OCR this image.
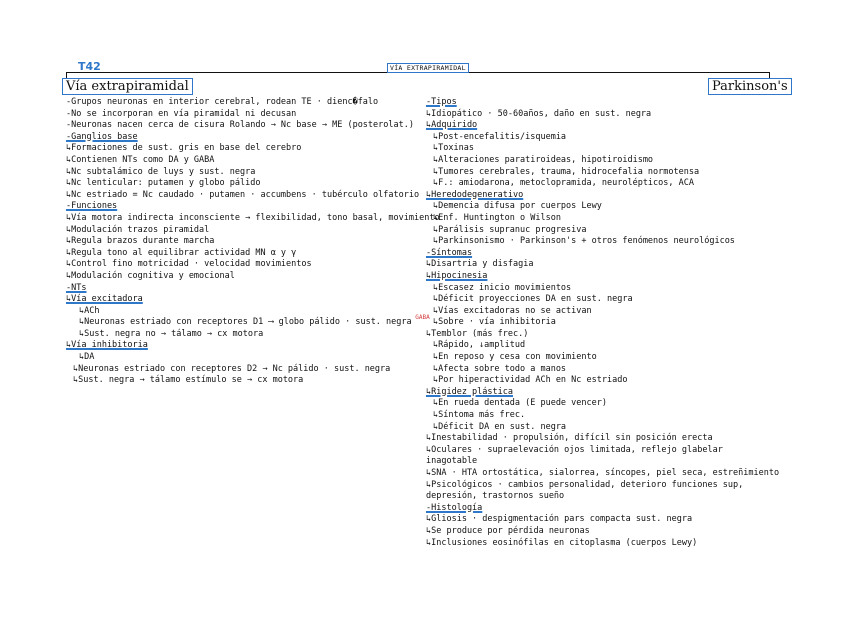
T42	VÍA EXTRAPIRAMIDAL
Vía extrapiramidal	Parkinson's
-Grupos neuronas en interior cerebral, rodean TE · dienc�falo
-No se incorporan en vía piramidal ni decusan
-Neuronas nacen cerca de cisura Rolando → Nc base → ME (posterolat.)
-Ganglios base
↳Formaciones de sust. gris en base del cerebro
↳Contienen NTs como DA y GABA
↳Nc subtalámico de luys y sust. negra
↳Nc lenticular: putamen y globo pálido
↳Nc estriado = Nc caudado · putamen · accumbens · tubérculo olfatorio
-Funciones
↳Vía motora indirecta inconsciente → flexibilidad, tono basal, movimiento
↳Modulación trazos piramidal
↳Regula brazos durante marcha
↳Regula tono al equilibrar actividad MN α y γ
↳Control fino motricidad · velocidad movimientos
↳Modulación cognitiva y emocional
-NTs
↳Vía excitadora
↳ACh
↳Neuronas estriado con receptores D1 ⟶ globo pálido · sust. negra $^{GABA}$
↳Sust. negra no → tálamo → cx motora
↳Vía inhibitoria
↳DA
↳Neuronas estriado con receptores D2 → Nc pálido · sust. negra
↳Sust. negra → tálamo estímulo se → cx motora
-Tipos
↳Idiopático · 50-60años, daño en sust. negra
↳Adquirido
↳Post-encefalitis/isquemia
↳Toxinas
↳Alteraciones paratiroideas, hipotiroidismo
↳Tumores cerebrales, trauma, hidrocefalia normotensa
↳F.: amiodarona, metoclopramida, neurolépticos, ACA
↳Heredodegenerativo
↳Demencia difusa por cuerpos Lewy
↳Enf. Huntington o Wilson
↳Parálisis supranuc progresiva
↳Parkinsonismo · Parkinson's + otros fenómenos neurológicos
-Síntomas
↳Disartria y disfagia
↳Hipocinesia
↳Escasez inicio movimientos
↳Déficit proyecciones DA en sust. negra
↳Vías excitadoras no se activan
↳Sobre · vía inhibitoria
↳Temblor (más frec.)
↳Rápido, ↓amplitud
↳En reposo y cesa con movimiento
↳Afecta sobre todo a manos
↳Por hiperactividad ACh en Nc estriado
↳Rigidez plástica
↳En rueda dentada (E puede vencer)
↳Síntoma más frec.
↳Déficit DA en sust. negra
↳Inestabilidad · propulsión, difícil sin posición erecta
↳Oculares · supraelevación ojos limitada, reflejo glabelar
inagotable
↳SNA · HTA ortostática, sialorrea, síncopes, piel seca, estreñimiento
↳Psicológicos · cambios personalidad, deterioro funciones sup,
depresión, trastornos sueño
-Histología
↳Gliosis · despigmentación pars compacta sust. negra
↳Se produce por pérdida neuronas
↳Inclusiones eosinófilas en citoplasma (cuerpos Lewy)
